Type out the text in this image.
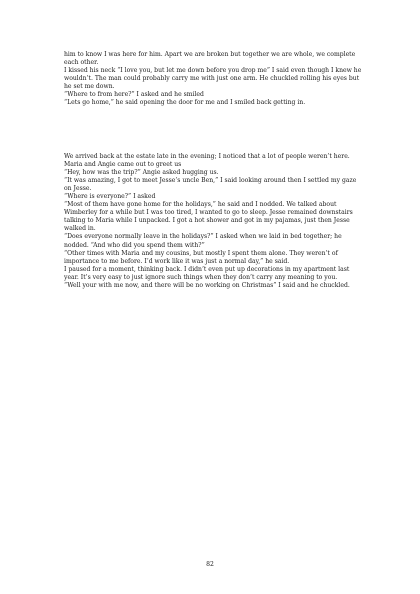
him to know I was here for him. Apart we are broken but together we are whole, we complete each other.

I kissed his neck “I love you, but let me down before you drop me” I said even though I knew he wouldn’t. The man could probably carry me with just one arm. He chuckled rolling his eyes but he set me down.

“Where to from here?” I asked and he smiled

“Lets go home,” he said opening the door for me and I smiled back getting in.

We arrived back at the estate late in the evening; I noticed that a lot of people weren’t here. Maria and Angie came out to greet us

“Hey, how was the trip?” Angie asked hugging us.

“It was amazing, I got to meet Jesse’s uncle Ben,” I said looking around then I settled my gaze on Jesse.

“Where is everyone?” I asked

“Most of them have gone home for the holidays,” he said and I nodded. We talked about Wimberley for a while but I was too tired, I wanted to go to sleep. Jesse remained downstairs talking to Maria while I unpacked. I got a hot shower and got in my pajamas, just then Jesse walked in.

“Does everyone normally leave in the holidays?” I asked when we laid in bed together; he nodded. “And who did you spend them with?”

“Other times with Maria and my cousins, but mostly I spent them alone. They weren’t of importance to me before. I’d work like it was just a normal day,” he said.

I paused for a moment, thinking back. I didn’t even put up decorations in my apartment last year. It’s very easy to just ignore such things when they don’t carry any meaning to you.

“Well your with me now, and there will be no working on Christmas” I said and he chuckled.

82
